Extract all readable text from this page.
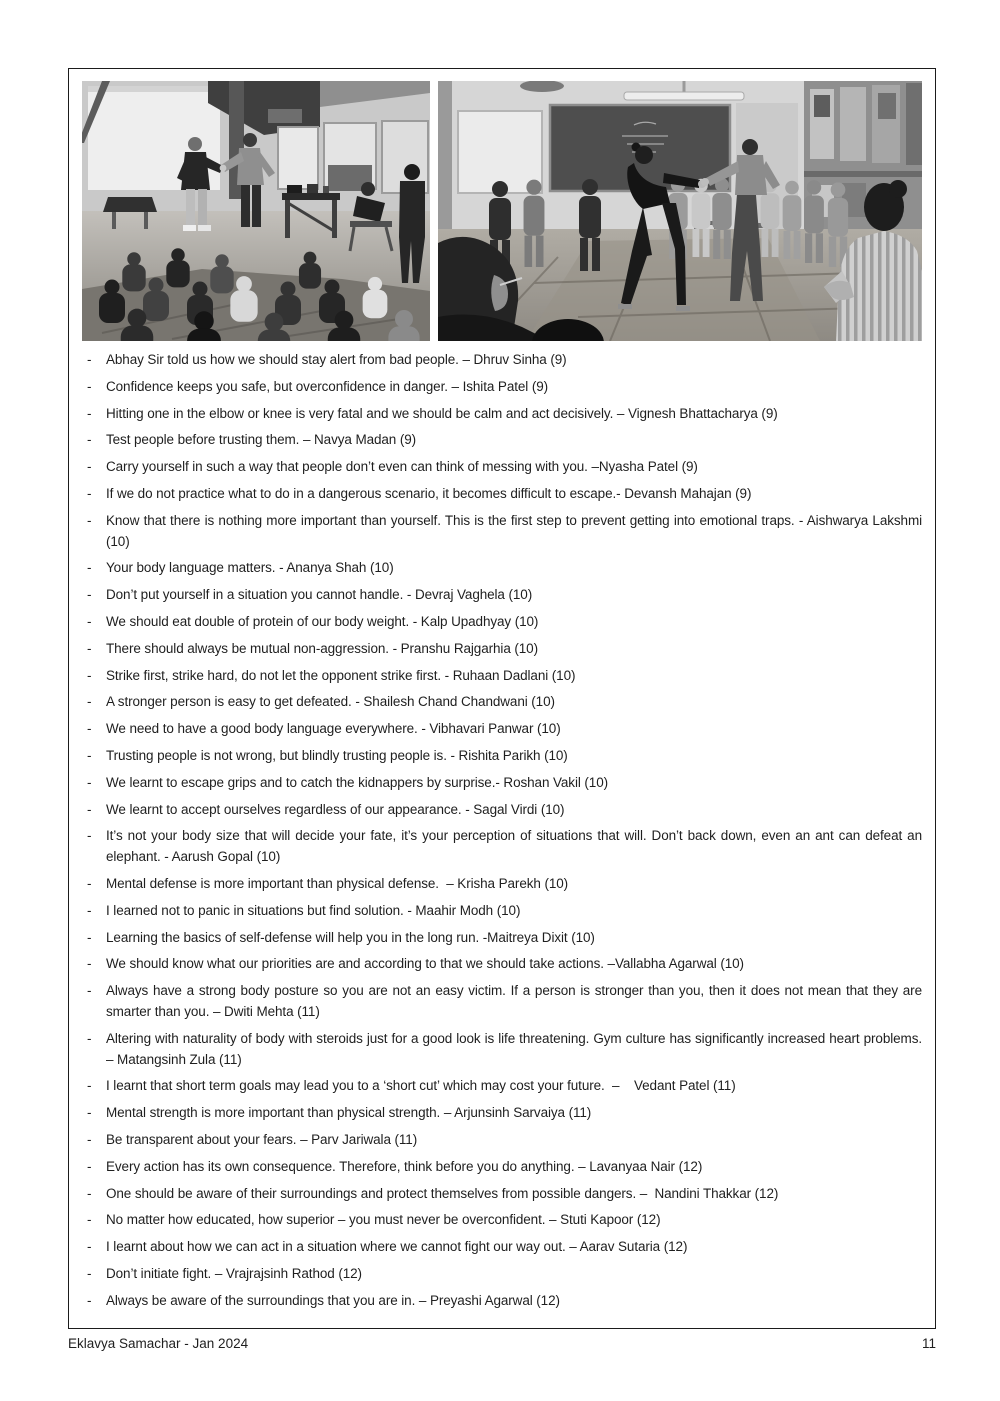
-	Abhay Sir told us how we should stay alert from bad people. – Dhruv Sinha (9)
-	Confidence keeps you safe, but overconfidence in danger. – Ishita Patel (9)
-	Hitting one in the elbow or knee is very fatal and we should be calm and act decisively. – Vignesh Bhattacharya (9)
-	Test people before trusting them. – Navya Madan (9)
-	Carry yourself in such a way that people don’t even can think of messing with you. –Nyasha Patel (9)
-	If we do not practice what to do in a dangerous scenario, it becomes difficult to escape.- Devansh Mahajan (9)
-	Know that there is nothing more important than yourself. This is the first step to prevent getting into emotional traps. - Aishwarya Lakshmi (10)
-	Your body language matters. - Ananya Shah (10)
-	Don’t put yourself in a situation you cannot handle. - Devraj Vaghela (10)
-	We should eat double of protein of our body weight. - Kalp Upadhyay (10)
-	There should always be mutual non-aggression. - Pranshu Rajgarhia (10)
-	Strike first, strike hard, do not let the opponent strike first. - Ruhaan Dadlani (10)
-	A stronger person is easy to get defeated. - Shailesh Chand Chandwani (10)
-	We need to have a good body language everywhere. - Vibhavari Panwar (10)
-	Trusting people is not wrong, but blindly trusting people is. - Rishita Parikh (10)
-	We learnt to escape grips and to catch the kidnappers by surprise.- Roshan Vakil (10)
-	We learnt to accept ourselves regardless of our appearance. - Sagal Virdi (10)
-	It’s not your body size that will decide your fate, it’s your perception of situations that will. Don’t back down, even an ant can defeat an elephant. - Aarush Gopal (10)
-	Mental defense is more important than physical defense.  – Krisha Parekh (10)
-	I learned not to panic in situations but find solution. - Maahir Modh (10)
-	Learning the basics of self-defense will help you in the long run. -Maitreya Dixit (10)
-	We should know what our priorities are and according to that we should take actions. –Vallabha Agarwal (10)
-	Always have a strong body posture so you are not an easy victim. If a person is stronger than you, then it does not mean that they are smarter than you. – Dwiti Mehta (11)
-	Altering with naturality of body with steroids just for a good look is life threatening. Gym culture has significantly increased heart problems. – Matangsinh Zula (11)
-	I learnt that short term goals may lead you to a ‘short cut’ which may cost your future.  –    Vedant Patel (11)
-	Mental strength is more important than physical strength. – Arjunsinh Sarvaiya (11)
-	Be transparent about your fears. – Parv Jariwala (11)
-	Every action has its own consequence. Therefore, think before you do anything. – Lavanyaa Nair (12)
-	One should be aware of their surroundings and protect themselves from possible dangers. –  Nandini Thakkar (12)
-	No matter how educated, how superior – you must never be overconfident. – Stuti Kapoor (12)
-	I learnt about how we can act in a situation where we cannot fight our way out. – Aarav Sutaria (12)
-	Don’t initiate fight. – Vrajrajsinh Rathod (12)
-	Always be aware of the surroundings that you are in. – Preyashi Agarwal (12)
Eklavya Samachar - Jan 2024	11
